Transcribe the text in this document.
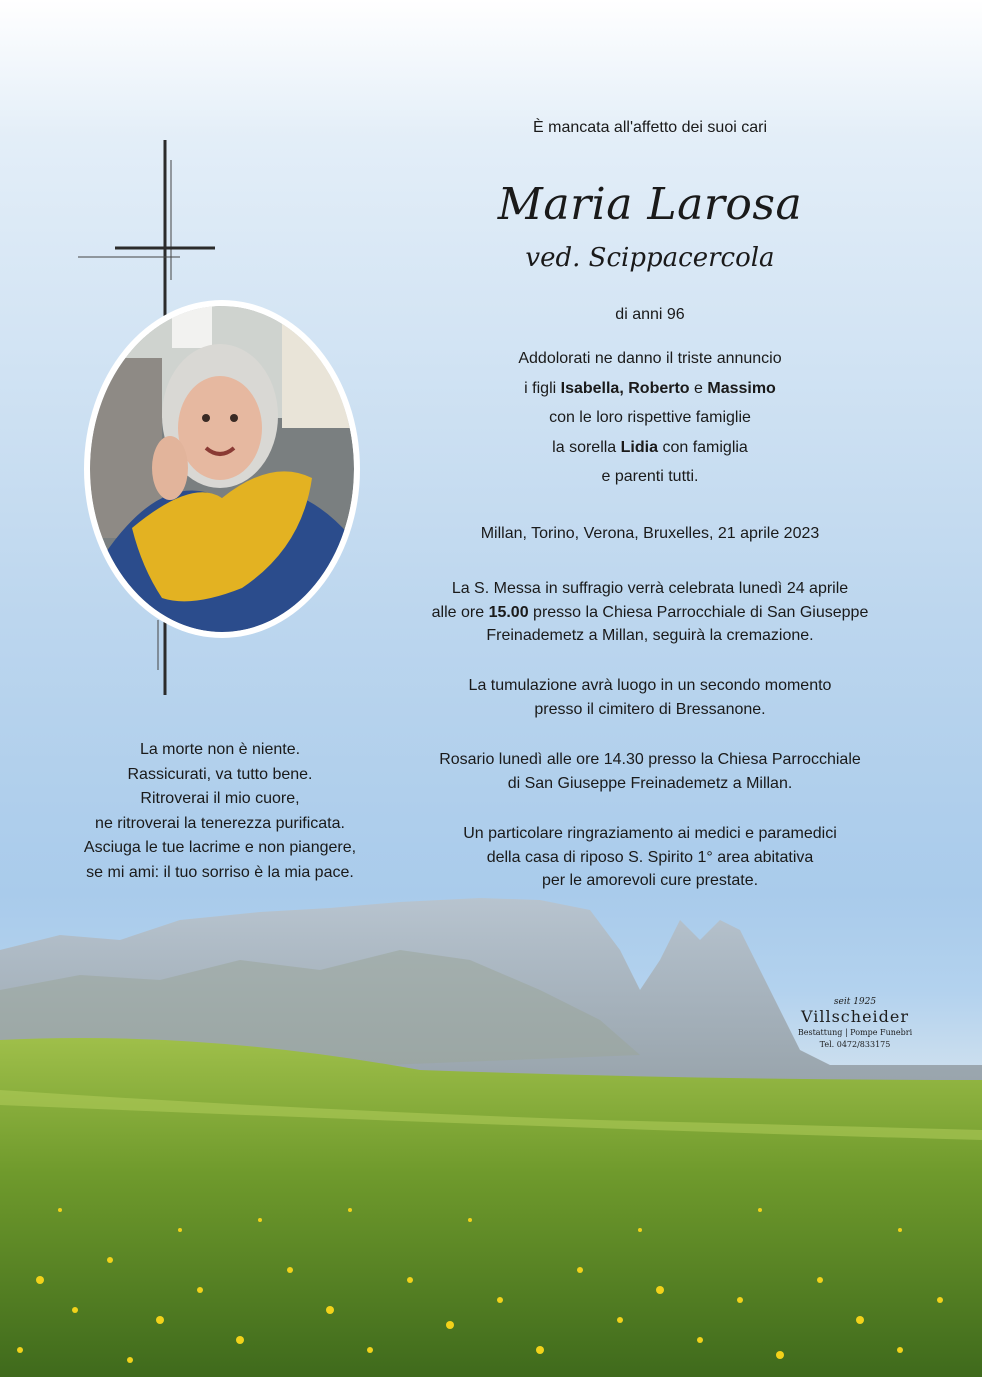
È mancata all'affetto dei suoi cari
Maria Larosa
ved. Scippacercola
di anni 96
Addolorati ne danno il triste annuncio
i figli Isabella, Roberto e Massimo
con le loro rispettive famiglie
la sorella Lidia con famiglia
e parenti tutti.
Millan, Torino, Verona, Bruxelles, 21 aprile 2023
La S. Messa in suffragio verrà celebrata lunedì 24 aprile
alle ore 15.00 presso la Chiesa Parrocchiale di San Giuseppe
Freinademetz a Millan, seguirà la cremazione.
La tumulazione avrà luogo in un secondo momento
presso il cimitero di Bressanone.
Rosario lunedì alle ore 14.30 presso la Chiesa Parrocchiale
di San Giuseppe Freinademetz a Millan.
Un particolare ringraziamento ai medici e paramedici
della casa di riposo S. Spirito 1° area abitativa
per le amorevoli cure prestate.
La morte non è niente.
Rassicurati, va tutto bene.
Ritroverai il mio cuore,
ne ritroverai la tenerezza purificata.
Asciuga le tue lacrime e non piangere,
se mi ami: il tuo sorriso è la mia pace.
seit 1925
Villscheider
Bestattung | Pompe Funebri
Tel. 0472/833175
